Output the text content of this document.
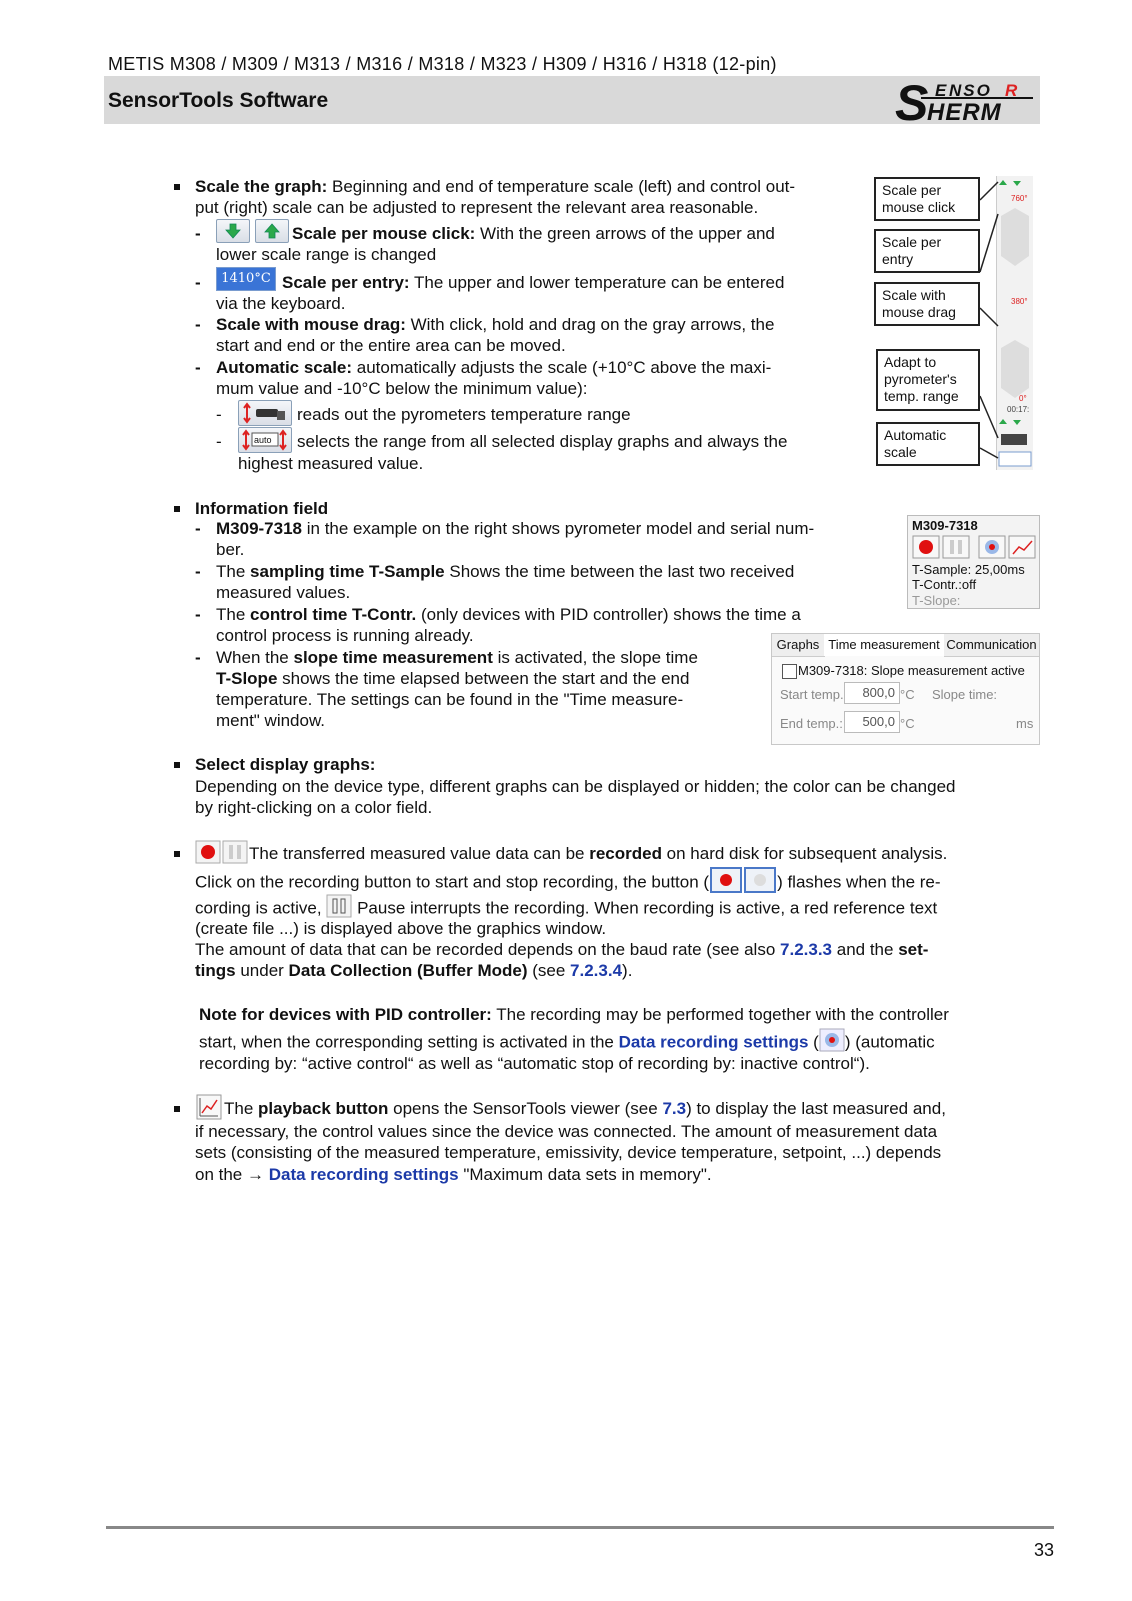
METIS M308 / M309 / M313 / M316 / M318 / M323 / H309 / H316 / H318 (12-pin)
SensorTools Software	S E NSO R
HERM
Scale the graph: Beginning and end of temperature scale (left) and control out-
put (right) scale can be adjusted to represent the relevant area reasonable.
-
	Scale per mouse click: With the green arrows of the upper and
lower scale range is changed
-	1410°C Scale per entry: The upper and lower temperature can be entered
via the keyboard.
- Scale with mouse drag: With click, hold and drag on the gray arrows, the
start and end or the entire area can be moved.
- Automatic scale: automatically adjusts the scale (+10°C above the maxi-
mum value and -10°C below the minimum value):
-	reads out the pyrometers temperature range
-	auto selects the range from all selected display graphs and always the
highest measured value.
Scale per
mouse click
Scale per
entry
Scale with
mouse drag
Adapt to
pyrometer's
temp. range
Automatic
scale
760°
380°
0°
00:17:
Information field
- M309-7318 in the example on the right shows pyrometer model and serial num-
ber.
- The sampling time T-Sample Shows the time between the last two received
measured values.
- The control time T-Contr. (only devices with PID controller) shows the time a
control process is running already.
- When the slope time measurement is activated, the slope time
T-Slope shows the time elapsed between the start and the end
temperature. The settings can be found in the "Time measure-
ment" window.
M309-7318
T-Sample: 25,00ms
T-Contr.:off
T-Slope:
Graphs Time measurement Communication
M309-7318: Slope measurement active
Start temp.	800,0 °C Slope time:
End temp.:	500,0 °C	ms
Select display graphs:
Depending on the device type, different graphs can be displayed or hidden; the color can be changed
by right-clicking on a color field.
The transferred measured value data can be recorded on hard disk for subsequent analysis.
Click on the recording button to start and stop recording, the button (	) flashes when the re-
cording is active,  Pause interrupts the recording. When recording is active, a red reference text
(create file ...) is displayed above the graphics window.
The amount of data that can be recorded depends on the baud rate (see also 7.2.3.3 and the set-
tings under Data Collection (Buffer Mode) (see 7.2.3.4).
Note for devices with PID controller: The recording may be performed together with the controller
start, when the corresponding setting is activated in the Data recording settings ( ) (automatic
recording by: “active control“ as well as “automatic stop of recording by: inactive control“).
The playback button opens the SensorTools viewer (see 7.3) to display the last measured and,
if necessary, the control values since the device was connected. The amount of measurement data
sets (consisting of the measured temperature, emissivity, device temperature, setpoint, ...) depends
on the → Data recording settings "Maximum data sets in memory".
33
